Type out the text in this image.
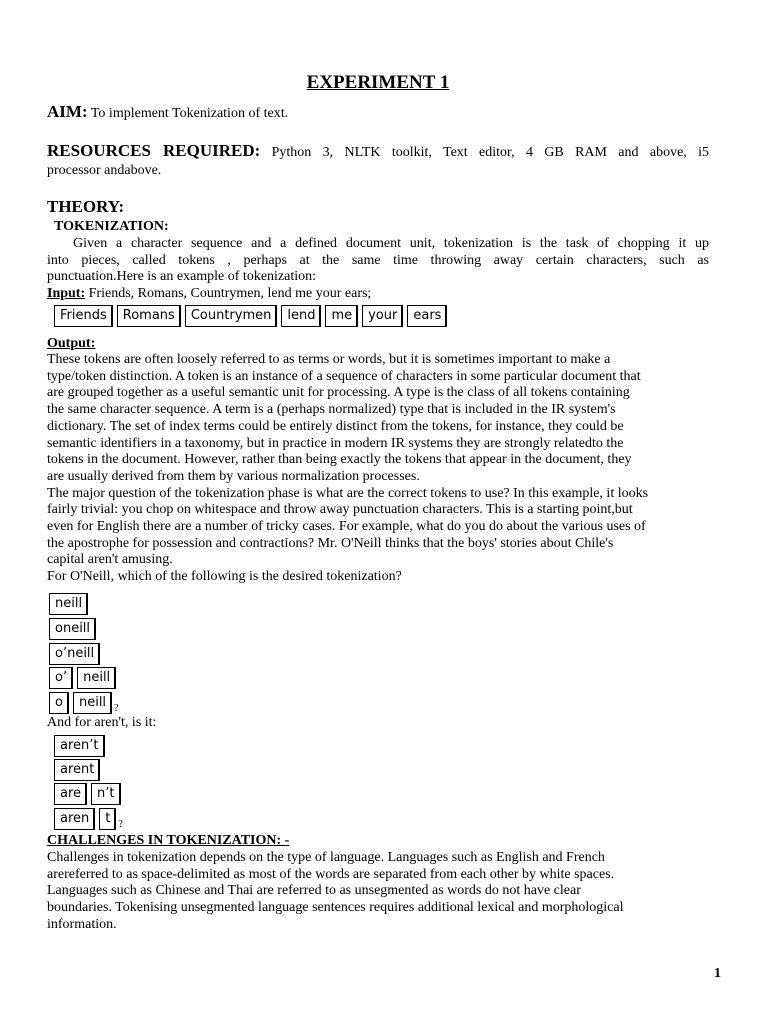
EXPERIMENT 1
AIM: To implement Tokenization of text.
RESOURCES REQUIRED: Python 3, NLTK toolkit, Text editor, 4 GB RAM and above, i5
processor andabove.
THEORY:
TOKENIZATION:
Given a character sequence and a defined document unit, tokenization is the task of chopping it up
into pieces, called tokens , perhaps at the same time throwing away certain characters, such as
punctuation.Here is an example of tokenization:
Input: Friends, Romans, Countrymen, lend me your ears;
Friends	Romans	Countrymen	lend	me	your	ears
Output:
These tokens are often loosely referred to as terms or words, but it is sometimes important to make a
type/token distinction. A token is an instance of a sequence of characters in some particular document that
are grouped together as a useful semantic unit for processing. A type is the class of all tokens containing
the same character sequence. A term is a (perhaps normalized) type that is included in the IR system's
dictionary. The set of index terms could be entirely distinct from the tokens, for instance, they could be
semantic identifiers in a taxonomy, but in practice in modern IR systems they are strongly relatedto the
tokens in the document. However, rather than being exactly the tokens that appear in the document, they
are usually derived from them by various normalization processes.
The major question of the tokenization phase is what are the correct tokens to use? In this example, it looks
fairly trivial: you chop on whitespace and throw away punctuation characters. This is a starting point,but
even for English there are a number of tricky cases. For example, what do you do about the various uses of
the apostrophe for possession and contractions? Mr. O'Neill thinks that the boys' stories about Chile's
capital aren't amusing.
For O'Neill, which of the following is the desired tokenization?
neill
oneill
o’neill
o’	neill
o	neill ?
And for aren't, is it:
aren’t
arent
are	n’t
aren	t ?
CHALLENGES IN TOKENIZATION: -
Challenges in tokenization depends on the type of language. Languages such as English and French
arereferred to as space-delimited as most of the words are separated from each other by white spaces.
Languages such as Chinese and Thai are referred to as unsegmented as words do not have clear
boundaries. Tokenising unsegmented language sentences requires additional lexical and morphological
information.
1
